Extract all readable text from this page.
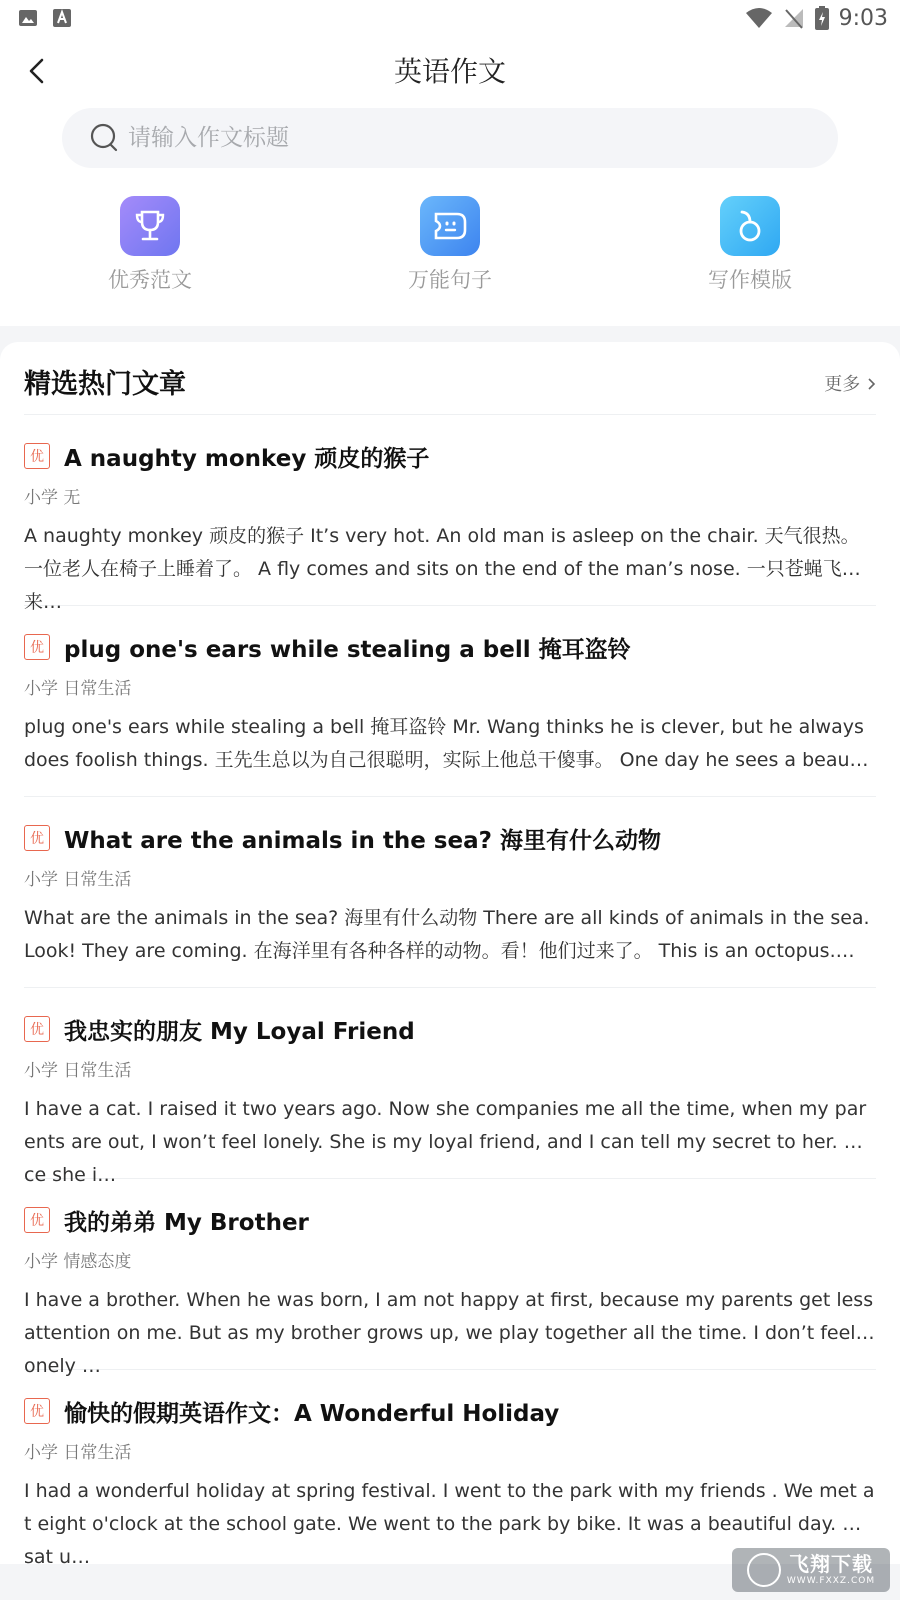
9:03
英语作文
请输入作文标题
优秀范文	万能句子	写作模版
精选热门文章	更多
优 A naughty monkey 顽皮的猴子
小学 无
A naughty monkey 顽皮的猴子 It’s very hot. An old man is asleep on the chair. 天气很热。一位老人在椅子上睡着了。 A fly comes and sits on the end of the man’s nose. 一只苍蝇飞来…
优 plug one's ears while stealing a bell 掩耳盗铃
小学 日常生活
plug one's ears while stealing a bell 掩耳盗铃 Mr. Wang thinks he is clever, but he always does foolish things. 王先生总以为自己很聪明，实际上他总干傻事。 One day he sees a beau…
优 What are the animals in the sea? 海里有什么动物
小学 日常生活
What are the animals in the sea? 海里有什么动物 There are all kinds of animals in the sea. Look! They are coming. 在海洋里有各种各样的动物。看！他们过来了。 This is an octopus.…
优 我忠实的朋友 My Loyal Friend
小学 日常生活
I have a cat. I raised it two years ago. Now she companies me all the time, when my parents are out, I won’t feel lonely. She is my loyal friend, and I can tell my secret to her. Once she i…
优 我的弟弟 My Brother
小学 情感态度
I have a brother. When he was born, I am not happy at first, because my parents get less attention on me. But as my brother grows up, we play together all the time. I don’t feel lonely …
优 愉快的假期英语作文：A Wonderful Holiday
小学 日常生活
I had a wonderful holiday at spring festival. I went to the park with my friends . We met at eight o'clock at the school gate. We went to the park by bike. It was a beautiful day. We sat u…	飞翔下载
WWW.FXXZ.COM
